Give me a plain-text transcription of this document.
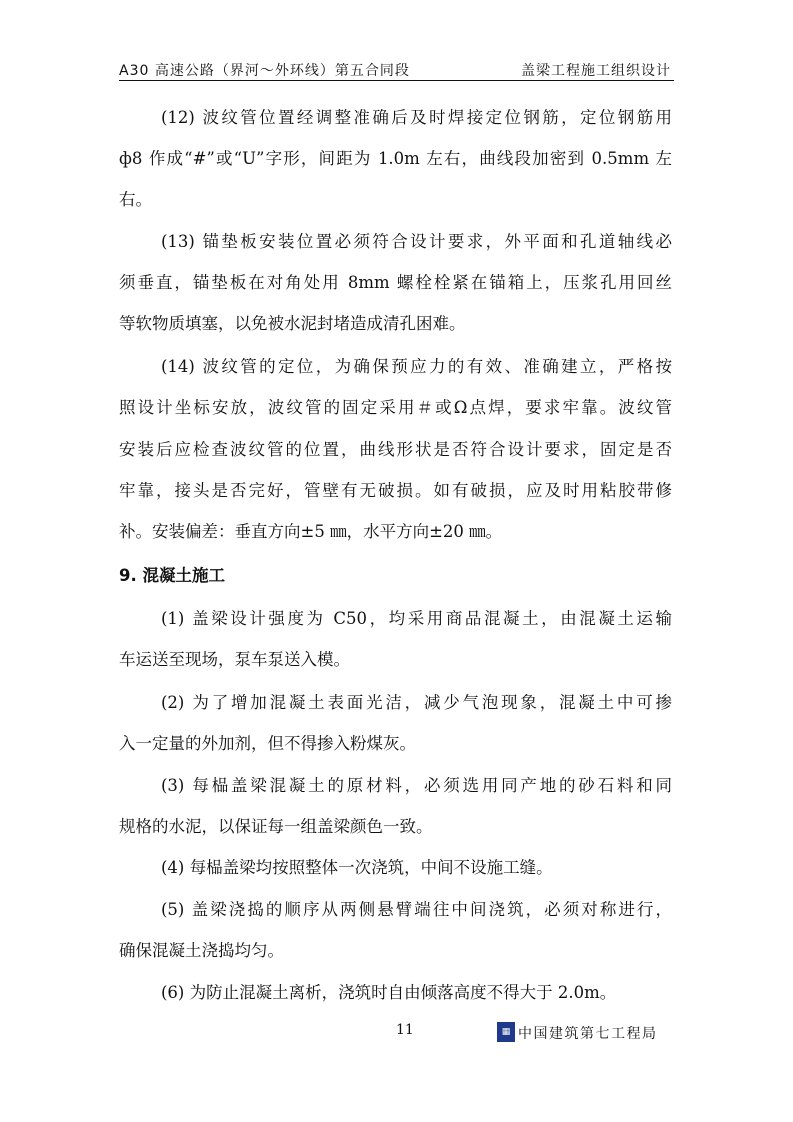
A30 高速公路（界河～外环线）第五合同段	盖梁工程施工组织设计
(12) 波纹管位置经调整准确后及时焊接定位钢筋，定位钢筋用
ф8 作成“#”或“U”字形，间距为 1.0m 左右，曲线段加密到 0.5mm 左
右。
(13) 锚垫板安装位置必须符合设计要求，外平面和孔道轴线必
须垂直，锚垫板在对角处用 8mm 螺栓栓紧在锚箱上，压浆孔用回丝
等软物质填塞，以免被水泥封堵造成清孔困难。
(14) 波纹管的定位，为确保预应力的有效、准确建立，严格按
照设计坐标安放，波纹管的固定采用＃或Ω点焊，要求牢靠。波纹管
安装后应检查波纹管的位置，曲线形状是否符合设计要求，固定是否
牢靠，接头是否完好，管壁有无破损。如有破损，应及时用粘胶带修
补。安装偏差：垂直方向±5 ㎜，水平方向±20 ㎜。
9. 混凝土施工
(1) 盖梁设计强度为 C50，均采用商品混凝土，由混凝土运输
车运送至现场，泵车泵送入模。
(2) 为了增加混凝土表面光洁，减少气泡现象，混凝土中可掺
入一定量的外加剂，但不得掺入粉煤灰。
(3) 每榀盖梁混凝土的原材料，必须选用同产地的砂石料和同
规格的水泥，以保证每一组盖梁颜色一致。
(4) 每榀盖梁均按照整体一次浇筑，中间不设施工缝。
(5) 盖梁浇捣的顺序从两侧悬臂端往中间浇筑，必须对称进行，
确保混凝土浇捣均匀。
(6) 为防止混凝土离析，浇筑时自由倾落高度不得大于 2.0m。
11	▦ 中国建筑第七工程局
